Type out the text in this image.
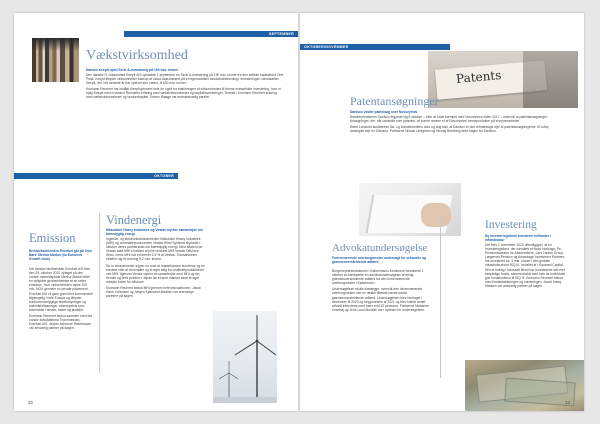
SEPTEMBER
Vækstvirksomhed
Danske Keepit opsti Serie A-investering på 190 mio. kroner

Den danske IT-virksomhed Keepit A/S opsladde 1 september en Serie A-investering på 190 mio. kroner fra den britiske kapitalfond One Peak. Keepit tilbyder virksomheder backup af cloud-data baseret på en egenudviklet blockchainteknologi. Investeringen værdisætter Keepit, der i de seneste år har oplevet stor vækst, til 630 mio. kroner.

Kromann Reumert har bistået Keepit gennem hele de også fra etableringen af virksomheden til denne massefulde investering, hvor vi hjalp Keepit med Kromann Reumerts erfaring med vækstvirksomheder og kapitalinvesteringer. Teamet i Kromann Reumert erfaring med vækstvirksomheder og venturekapital. Torben Waage var teamansvarlig partner.

OKTOBER
Emission
Brintvirksomheden Everfuel går på Oslo Børs' Merkur Market (nu Euronext Growth Oslo)

Det danske brintselskab Everfuel A/S blev den 29. oktober 2020 optaget på den norske markedsplads Merkur Market efter en vellykket gennemførelse af en rettet emission, hvor virksomheden rejste 200 mio. NOK gennem en private placement. Everfuel A/S vil gøre grøn brint kommercielt tilgængelig i hele Europa og tilbyder konkurrencedygtige brintforsyninger og brændstofløsninger, eksempelvis som drivmiddel i busser, taxier og lastbiler.

Kromann Reumert bistod sammen med det norske advokatfirma Thommessen, Everfuel A/S. Jesper Ashmore Rasmussen var ansvarlig partner på sagen.

Vindenergi
Mitsubishi Heavy Industries og Vestas styrker samarbejde om bæredygtig energi

Ingeniør- og elektronikvirksomheden Mitsubishi Heavy Industries (MHI) og vindmølleproducenten Vestas Wind Systems styrkede i oktober deres partnerskab om bæredygtig energi. Med aftalen har Vestas købt MHI's halvdel af joint venturet MHI Vestas Offshore Wind, mens MHI har erhvervet 2,5 % af Vestas. Transaktionen beløber sig til omkring 5,2 mia. kroner.

De to virksomheder signer nu mod at imødekomme kunderne og en bredere vifte af vindmøller og et øget salg fra vindkraftproduktionen ved MHI, ligesom Vestas styrker sit samarbejde med MHI og sin fremtid og bred position i Japan før et stort marked samt et øget arbejde inden for offshore.

Kromann Reumert bistod MHI gennem hele transaktionen. Jakob Hans Johansen og Jørgen Kjærsand Madsen var ansvarlige partnere på sagen.

32
OKTOBER/NOVEMBER
Patents
Patentansøgninger
Danisco vinder patentsag over Novozymes

Retsinformationen Danisco afgjorde sig 8 oktober – efter at have kæmpet med Novozymes siden 2017 – retten til to patentansøgninger. Ansøgninger, der, når udstedte som patenter, vil kunne ramme et af Novozymes' kerneprodukter på enzymmarkedet.

Østre Landsret studiferede Sø- og Handelsrettens dom og dog fast, at Danisco er den retmæssige ejer af patentansøgningerne. Et udby strategisk sejr for Danisco. Partnerne Nicolai Lindgreen og Nicolaj Bredberg førte sagen for Danisco.

Advokatundersøgelse
Forhenværende overborgmester undersøgt for seksuelle og grænseoverskridende adfærd

Borgerrepræsentationen i Københavns Kommune besluttede 1 oktober at iværksætte en advokatundersøgelse af mulig grænseoverskridende adfærd fra den forhenværende overborgmester i København.

Undersøgelsen skulle klarlægge, hvorvidt den forhenværende overborgmester ved en række tilfælde havde udvist grænseoverskridende adfærd. Undersøgelsen blev foretaget i december af 2020 og begyndelsen af 2021 og blev blandt andet afholdt interviews med mere end 30 personer. Partnerne Marianne Granhøj og Jens Lund Mosbek var i spidsen for undersøgelsen.

Investering
Ny investeringsfond investerer milliarder i infrastruktur

Det blev 1 november 2020 offentliggjort, at en investeringsfond, der forvaltes af Novo Holdings, Pe, Pensionskassen for Akademikere, Lars Larsen Group, Lægernes Pension og Advantage Investment Partners, har investeret ca. 3 mia. kroner i den globale infrastrukturfond ISQ III, forvaltet af I Squared Capital. Ved et bidrag i kolossalt tilbud har Investeerne sat med betydelige fonde, sammenholdt med hvis de individuelt gav fondsfunktion til ISQ III. Kromann Reumert bistod med fondsetableringen og vurderingen, Jacob Høeg Madsen var ansvarlig partner på sagen.

33
